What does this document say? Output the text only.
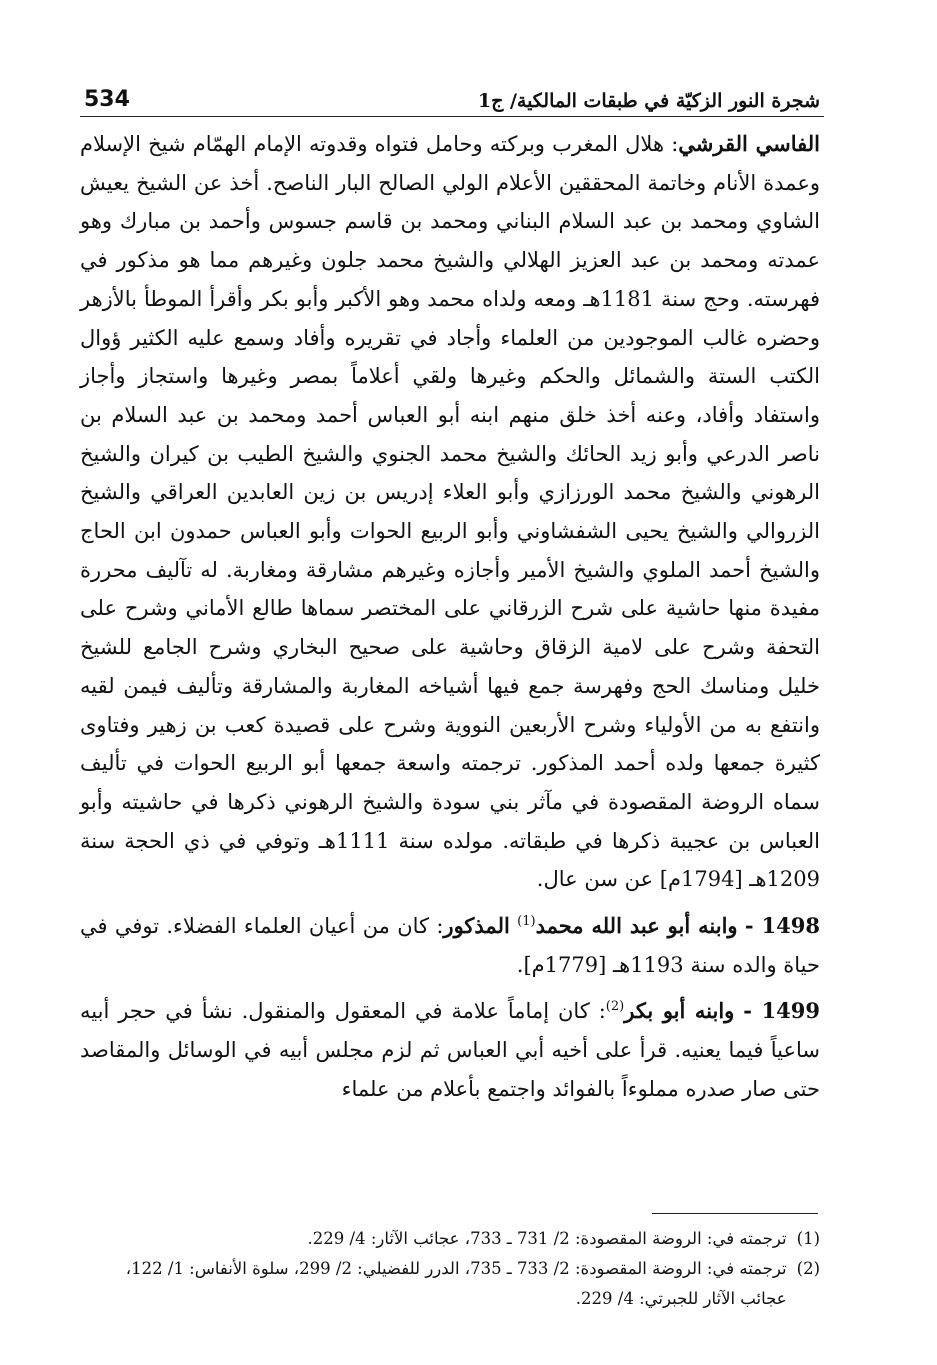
534	شجرة النور الزكيّة في طبقات المالكية/ ج1

الفاسي القرشي: هلال المغرب وبركته وحامل فتواه وقدوته الإمام الهمّام شيخ الإسلام وعمدة الأنام وخاتمة المحققين الأعلام الولي الصالح البار الناصح. أخذ عن الشيخ يعيش الشاوي ومحمد بن عبد السلام البناني ومحمد بن قاسم جسوس وأحمد بن مبارك وهو عمدته ومحمد بن عبد العزيز الهلالي والشيخ محمد جلون وغيرهم مما هو مذكور في فهرسته. وحج سنة 1181هـ ومعه ولداه محمد وهو الأكبر وأبو بكر وأقرأ الموطأ بالأزهر وحضره غالب الموجودين من العلماء وأجاد في تقريره وأفاد وسمع عليه الكثير ؤوال الكتب الستة والشمائل والحكم وغيرها ولقي أعلاماً بمصر وغيرها واستجاز وأجاز واستفاد وأفاد، وعنه أخذ خلق منهم ابنه أبو العباس أحمد ومحمد بن عبد السلام بن ناصر الدرعي وأبو زيد الحائك والشيخ محمد الجنوي والشيخ الطيب بن كيران والشيخ الرهوني والشيخ محمد الورزازي وأبو العلاء إدريس بن زين العابدين العراقي والشيخ الزروالي والشيخ يحيى الشفشاوني وأبو الربيع الحوات وأبو العباس حمدون ابن الحاج والشيخ أحمد الملوي والشيخ الأمير وأجازه وغيرهم مشارقة ومغاربة. له تآليف محررة مفيدة منها حاشية على شرح الزرقاني على المختصر سماها طالع الأماني وشرح على التحفة وشرح على لامية الزقاق وحاشية على صحيح البخاري وشرح الجامع للشيخ خليل ومناسك الحج وفهرسة جمع فيها أشياخه المغاربة والمشارقة وتأليف فيمن لقيه وانتفع به من الأولياء وشرح الأربعين النووية وشرح على قصيدة كعب بن زهير وفتاوى كثيرة جمعها ولده أحمد المذكور. ترجمته واسعة جمعها أبو الربيع الحوات في تأليف سماه الروضة المقصودة في مآثر بني سودة والشيخ الرهوني ذكرها في حاشيته وأبو العباس بن عجيبة ذكرها في طبقاته. مولده سنة 1111هـ وتوفي في ذي الحجة سنة 1209هـ [1794م] عن سن عال.

1498 - وابنه أبو عبد الله محمد$^{(1)}$ المذكور: كان من أعيان العلماء الفضلاء. توفي في حياة والده سنة 1193هـ [1779م].

1499 - وابنه أبو بكر$^{(2)}$: كان إماماً علامة في المعقول والمنقول. نشأ في حجر أبيه ساعياً فيما يعنيه. قرأ على أخيه أبي العباس ثم لزم مجلس أبيه في الوسائل والمقاصد حتى صار صدره مملوءاً بالفوائد واجتمع بأعلام من علماء

(1)
ترجمته في: الروضة المقصودة: 2/ 731 ـ 733، عجائب الآثار: 4/ 229.
(2)
ترجمته في: الروضة المقصودة: 2/ 733 ـ 735، الدرر للفضيلي: 2/ 299، سلوة الأنفاس: 1/ 122، عجائب الآثار للجبرتي: 4/ 229.
